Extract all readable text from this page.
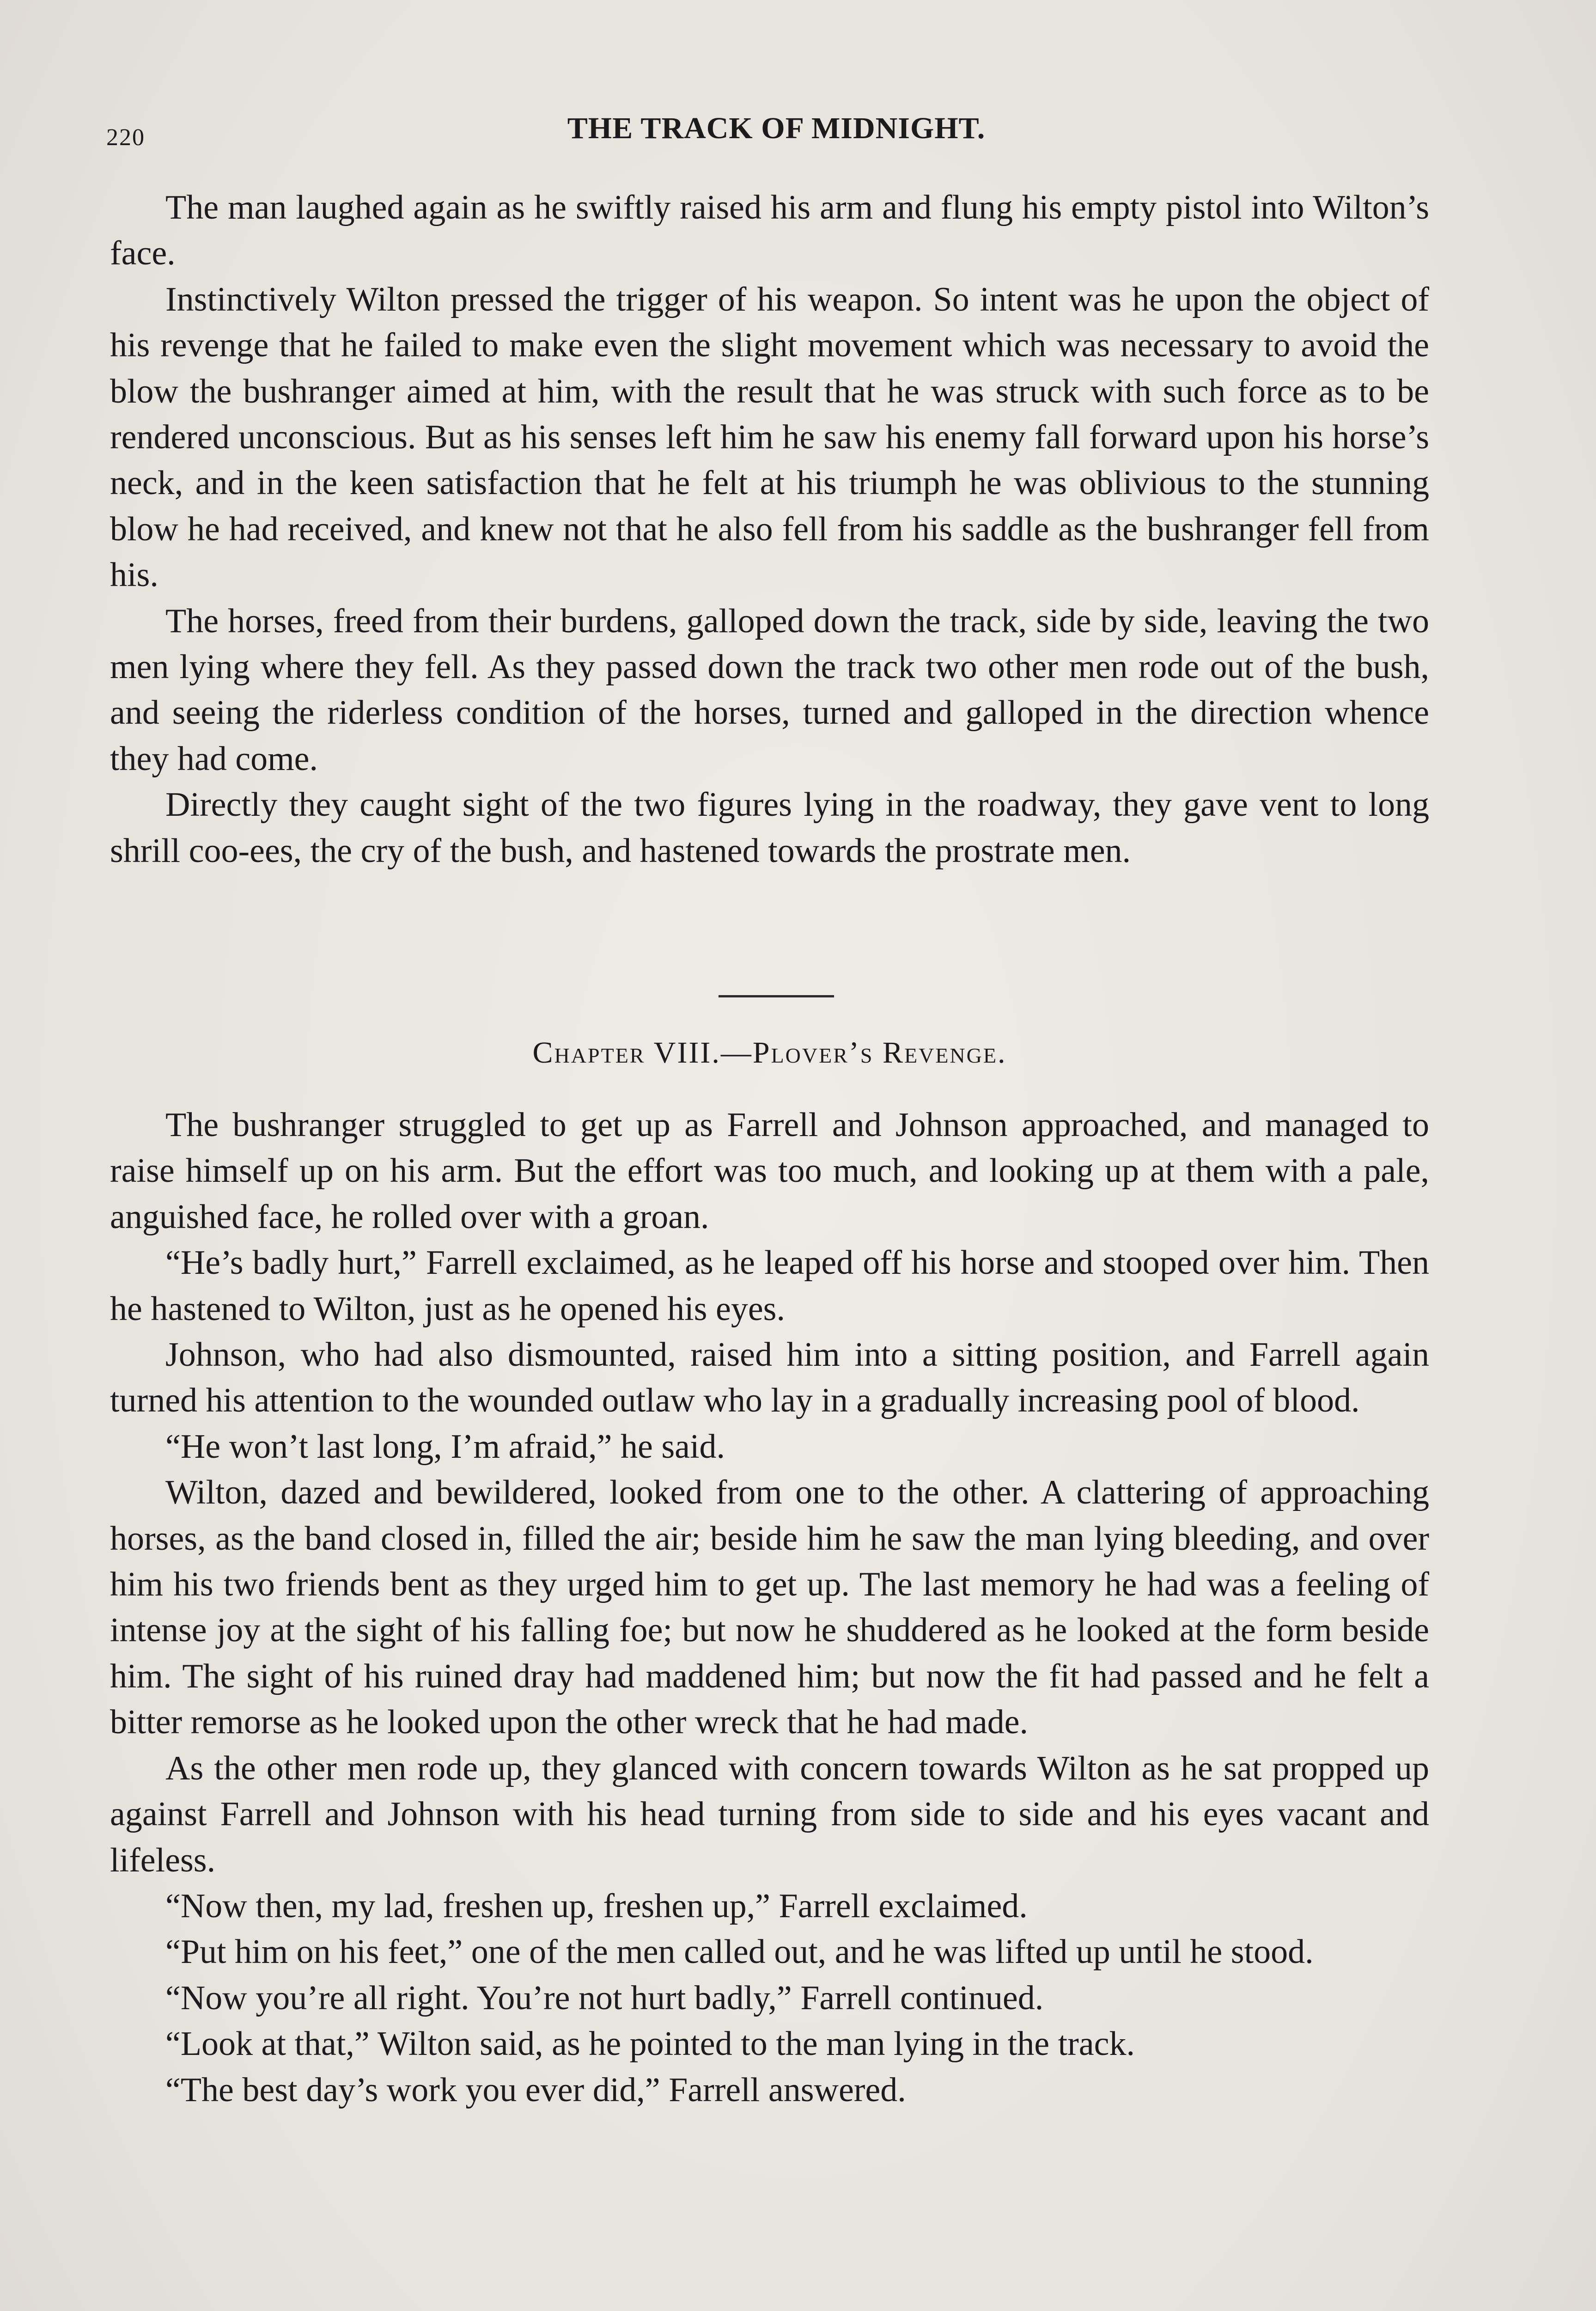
220	THE TRACK OF MIDNIGHT.

The man laughed again as he swiftly raised his arm and flung his empty pistol into Wilton’s face.

Instinctively Wilton pressed the trigger of his weapon. So intent was he upon the object of his revenge that he failed to make even the slight movement which was necessary to avoid the blow the bushranger aimed at him, with the result that he was struck with such force as to be rendered unconscious. But as his senses left him he saw his enemy fall forward upon his horse’s neck, and in the keen satisfaction that he felt at his triumph he was oblivious to the stunning blow he had received, and knew not that he also fell from his saddle as the bushranger fell from his.

The horses, freed from their burdens, galloped down the track, side by side, leaving the two men lying where they fell. As they passed down the track two other men rode out of the bush, and seeing the riderless condition of the horses, turned and galloped in the direction whence they had come.

Directly they caught sight of the two figures lying in the roadway, they gave vent to long shrill coo-ees, the cry of the bush, and hastened towards the prostrate men.

Chapter VIII.—Plover’s Revenge.

The bushranger struggled to get up as Farrell and Johnson approached, and managed to raise himself up on his arm. But the effort was too much, and looking up at them with a pale, anguished face, he rolled over with a groan.

“He’s badly hurt,” Farrell exclaimed, as he leaped off his horse and stooped over him. Then he hastened to Wilton, just as he opened his eyes.

Johnson, who had also dismounted, raised him into a sitting position, and Farrell again turned his attention to the wounded outlaw who lay in a gradually increasing pool of blood.

“He won’t last long, I’m afraid,” he said.

Wilton, dazed and bewildered, looked from one to the other. A clattering of approaching horses, as the band closed in, filled the air; beside him he saw the man lying bleeding, and over him his two friends bent as they urged him to get up. The last memory he had was a feeling of intense joy at the sight of his falling foe; but now he shuddered as he looked at the form beside him. The sight of his ruined dray had maddened him; but now the fit had passed and he felt a bitter remorse as he looked upon the other wreck that he had made.

As the other men rode up, they glanced with concern towards Wilton as he sat propped up against Farrell and Johnson with his head turning from side to side and his eyes vacant and lifeless.

“Now then, my lad, freshen up, freshen up,” Farrell exclaimed.

“Put him on his feet,” one of the men called out, and he was lifted up until he stood.

“Now you’re all right. You’re not hurt badly,” Farrell continued.

“Look at that,” Wilton said, as he pointed to the man lying in the track.

“The best day’s work you ever did,” Farrell answered.
